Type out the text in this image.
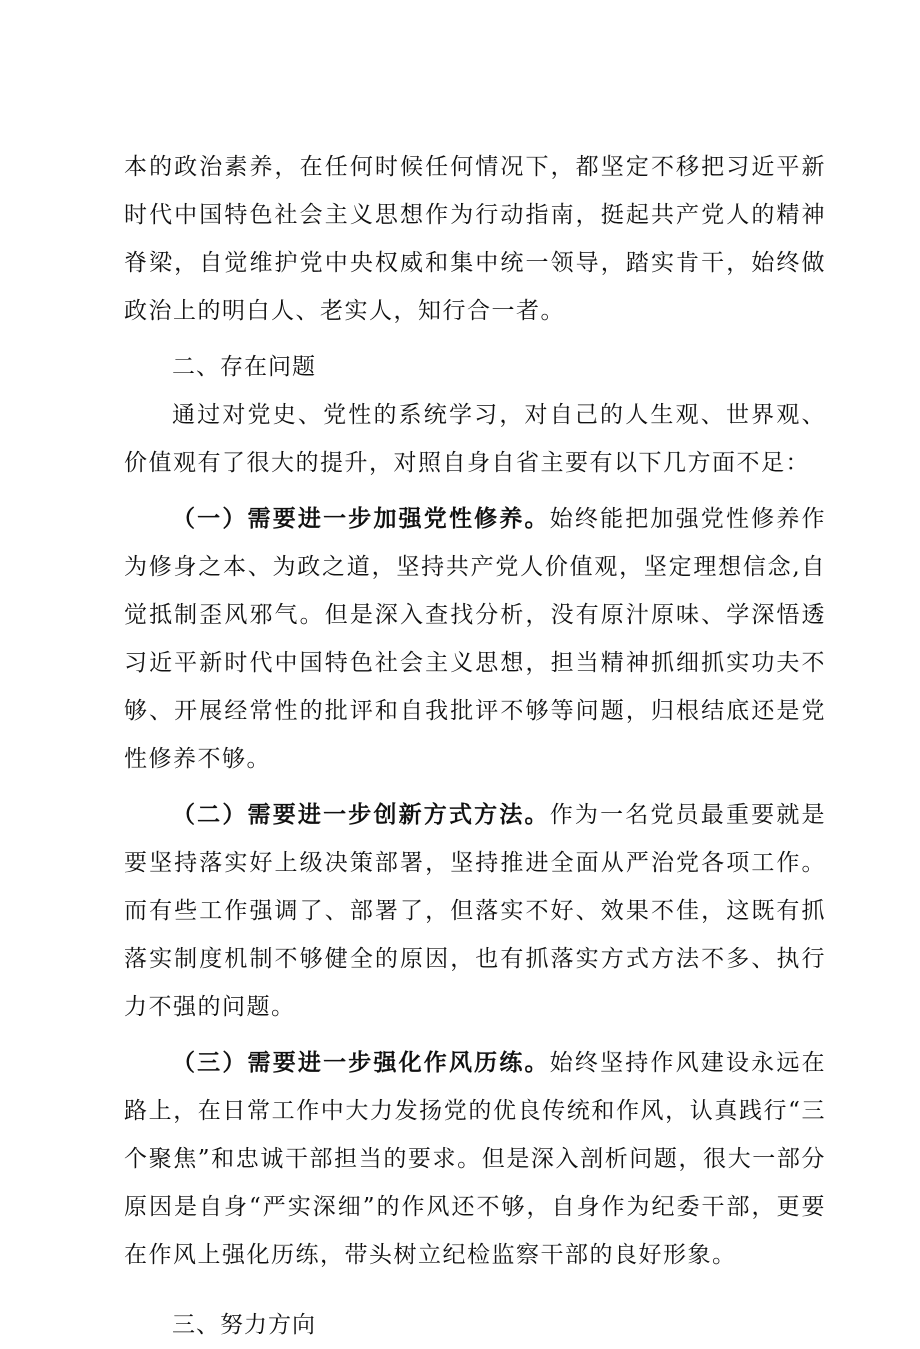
本的政治素养，在任何时候任何情况下，都坚定不移把习近平新时代中国特色社会主义思想作为行动指南，挺起共产党人的精神脊梁，自觉维护党中央权威和集中统一领导，踏实肯干，始终做政治上的明白人、老实人，知行合一者。

二、存在问题

通过对党史、党性的系统学习，对自己的人生观、世界观、价值观有了很大的提升，对照自身自省主要有以下几方面不足：

（一）需要进一步加强党性修养。始终能把加强党性修养作为修身之本、为政之道，坚持共产党人价值观，坚定理想信念,自觉抵制歪风邪气。但是深入查找分析，没有原汁原味、学深悟透习近平新时代中国特色社会主义思想，担当精神抓细抓实功夫不够、开展经常性的批评和自我批评不够等问题，归根结底还是党性修养不够。

（二）需要进一步创新方式方法。作为一名党员最重要就是要坚持落实好上级决策部署，坚持推进全面从严治党各项工作。而有些工作强调了、部署了，但落实不好、效果不佳，这既有抓落实制度机制不够健全的原因，也有抓落实方式方法不多、执行力不强的问题。

（三）需要进一步强化作风历练。始终坚持作风建设永远在路上，在日常工作中大力发扬党的优良传统和作风，认真践行“三个聚焦”和忠诚干部担当的要求。但是深入剖析问题，很大一部分原因是自身“严实深细”的作风还不够，自身作为纪委干部，更要在作风上强化历练，带头树立纪检监察干部的良好形象。

三、努力方向
